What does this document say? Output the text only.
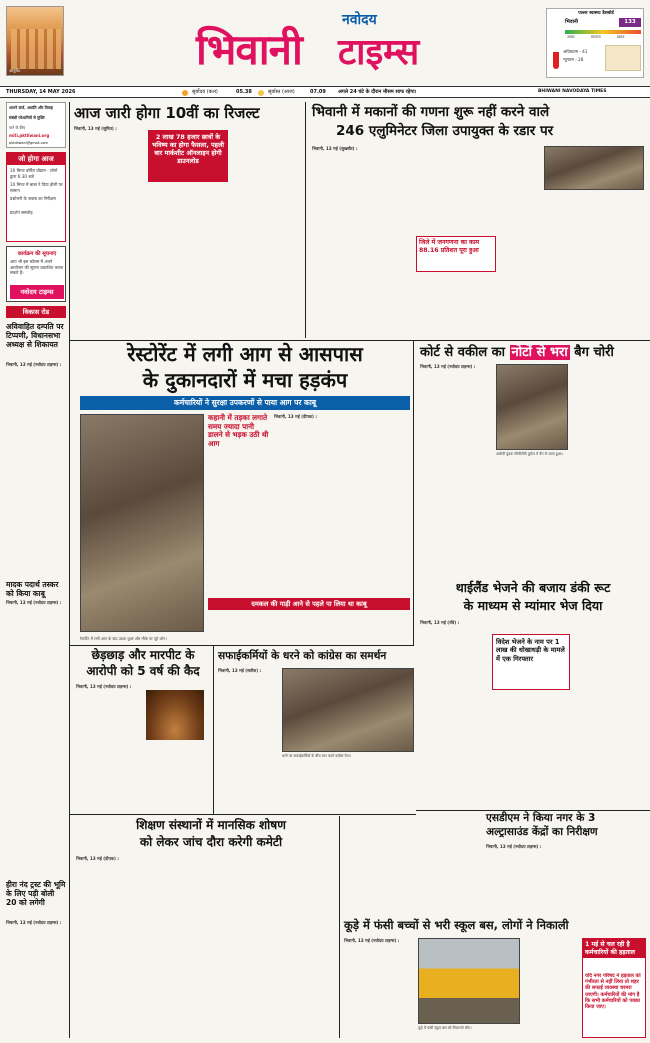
आयुर्वेद	भिवानी
नवोदय
टाइम्स
पल्लर स्वास्थ्य डैशबोर्ड
भिवानी	133
अच्छा	सामान्य	खराब
अधिकतम - 41
न्यूनतम - 28
THURSDAY, 14 MAY 2026	सूर्योदय (कल)	05.38	सूर्यास्त (आज)	07.09 अगले 24 घंटे के दौरान मौसम साफ रहेगा।	BHIWANI NAVODAYA TIMES
आपने कर्ज, अशांति और विवाह
संबंधी परेशानियों से मुक्ति
पाने के लिए
miti.pktilwani.org
pktdhwani@gmail.com
जो होगा आज
10 मिनट वर्किंग प्रोग्राम - लोगों द्वारा 6:30 बजे
10 मिनट में बाबा ने दिया होली पर सामान
प्रश्नोत्तरी के जवाब का निरीक्षण
प्रदर्शन समारोह
कार्यक्रम की सूचनाएं
आप भी इस कॉलम में अपने आयोजन की सूचना प्रकाशित करवा सकते हैं।
नवोदय टाइम्स
विकास रोड
अविवाहित दम्पति पर टिप्पणी, विधानसभा अध्यक्ष से शिकायत
भिवानी, 13 मई (नवोदय टाइम्स) :
मादक पदार्थ तस्कर को किया काबू
भिवानी, 13 मई (नवोदय टाइम्स) :
हीरा नंद ट्रस्ट की भूमि के लिए पड़ी बोली 20 को लगेगी
भिवानी, 13 मई (नवोदय टाइम्स) :
आज जारी होगा 10वीं का रिजल्ट
भिवानी, 13 मई (सुमित) :
2 लाख 78 हजार छात्रों के भविष्य का होगा फैसला, पहली बार मार्कशीट ऑनलाइन होगी डाउनलोड
भिवानी में मकानों की गणना शुरू नहीं करने वाले
246 एलुमिनेटर जिला उपायुक्त के रडार पर
भिवानी, 13 मई (सुखबीर) :
जिले में जनगणना का काम 88.16 प्रतिशत पूरा हुआ
रेस्टोरेंट में लगी आग से आसपास
के दुकानदारों में मचा हड़कंप
कर्मचारियों ने सुरक्षा उपकरणों से पाया आग पर काबू
कहानी में तड़का लगाते समय ज्यादा पानी डालने से भड़क उठी थी आग
भिवानी, 13 मई (दीपक) :
दमकल की गाड़ी आने से पहले पा लिया था काबू
रेस्टोरेंट में लगी आग के बाद उठता धुआं और मौके पर जुटे लोग।
कोर्ट से वकील का नोटों से भरा बैग चोरी
भिवानी, 13 मई (नवोदय टाइम्स) :
आरोपी युवक सीसीटीवी फुटेज में बैग ले जाता हुआ।
थाईलैंड भेजने की बजाय डंकी रूट
के माध्यम से म्यांमार भेज दिया
भिवानी, 13 मई (रवि) :
विदेश भेजने के नाम पर 1 लाख की धोखाधड़ी के मामले में एक गिरफ्तार
छेड़छाड़ और मारपीट के
आरोपी को 5 वर्ष की कैद
भिवानी, 13 मई (नवोदय टाइम्स) :
सफाईकर्मियों के धरने को कांग्रेस का समर्थन
भिवानी, 13 मई (सतीश) :
धरने पर सफाईकर्मियों के बीच बात करते कांग्रेस नेता।
एसडीएम ने किया नगर के 3
अल्ट्रासाउंड केंद्रों का निरीक्षण
भिवानी, 13 मई (नवोदय टाइम्स) :
शिक्षण संस्थानों में मानसिक शोषण
को लेकर जांच दौरा करेगी कमेटी
भिवानी, 13 मई (दीपक) :
कूड़े में फंसी बच्चों से भरी स्कूल बस, लोगों ने निकाली
भिवानी, 13 मई (नवोदय टाइम्स) :
कूड़े में फंसी स्कूल बस को निकालते लोग।
1 मई से चल रही है कर्मचारियों की हड़ताल
यदि नगर परिषद ने हड़ताल को गंभीरता से नहीं लिया तो शहर की सफाई व्यवस्था चरमरा जाएगी। कर्मचारियों की मांग है कि सभी कर्मचारियों को पक्का किया जाए।
